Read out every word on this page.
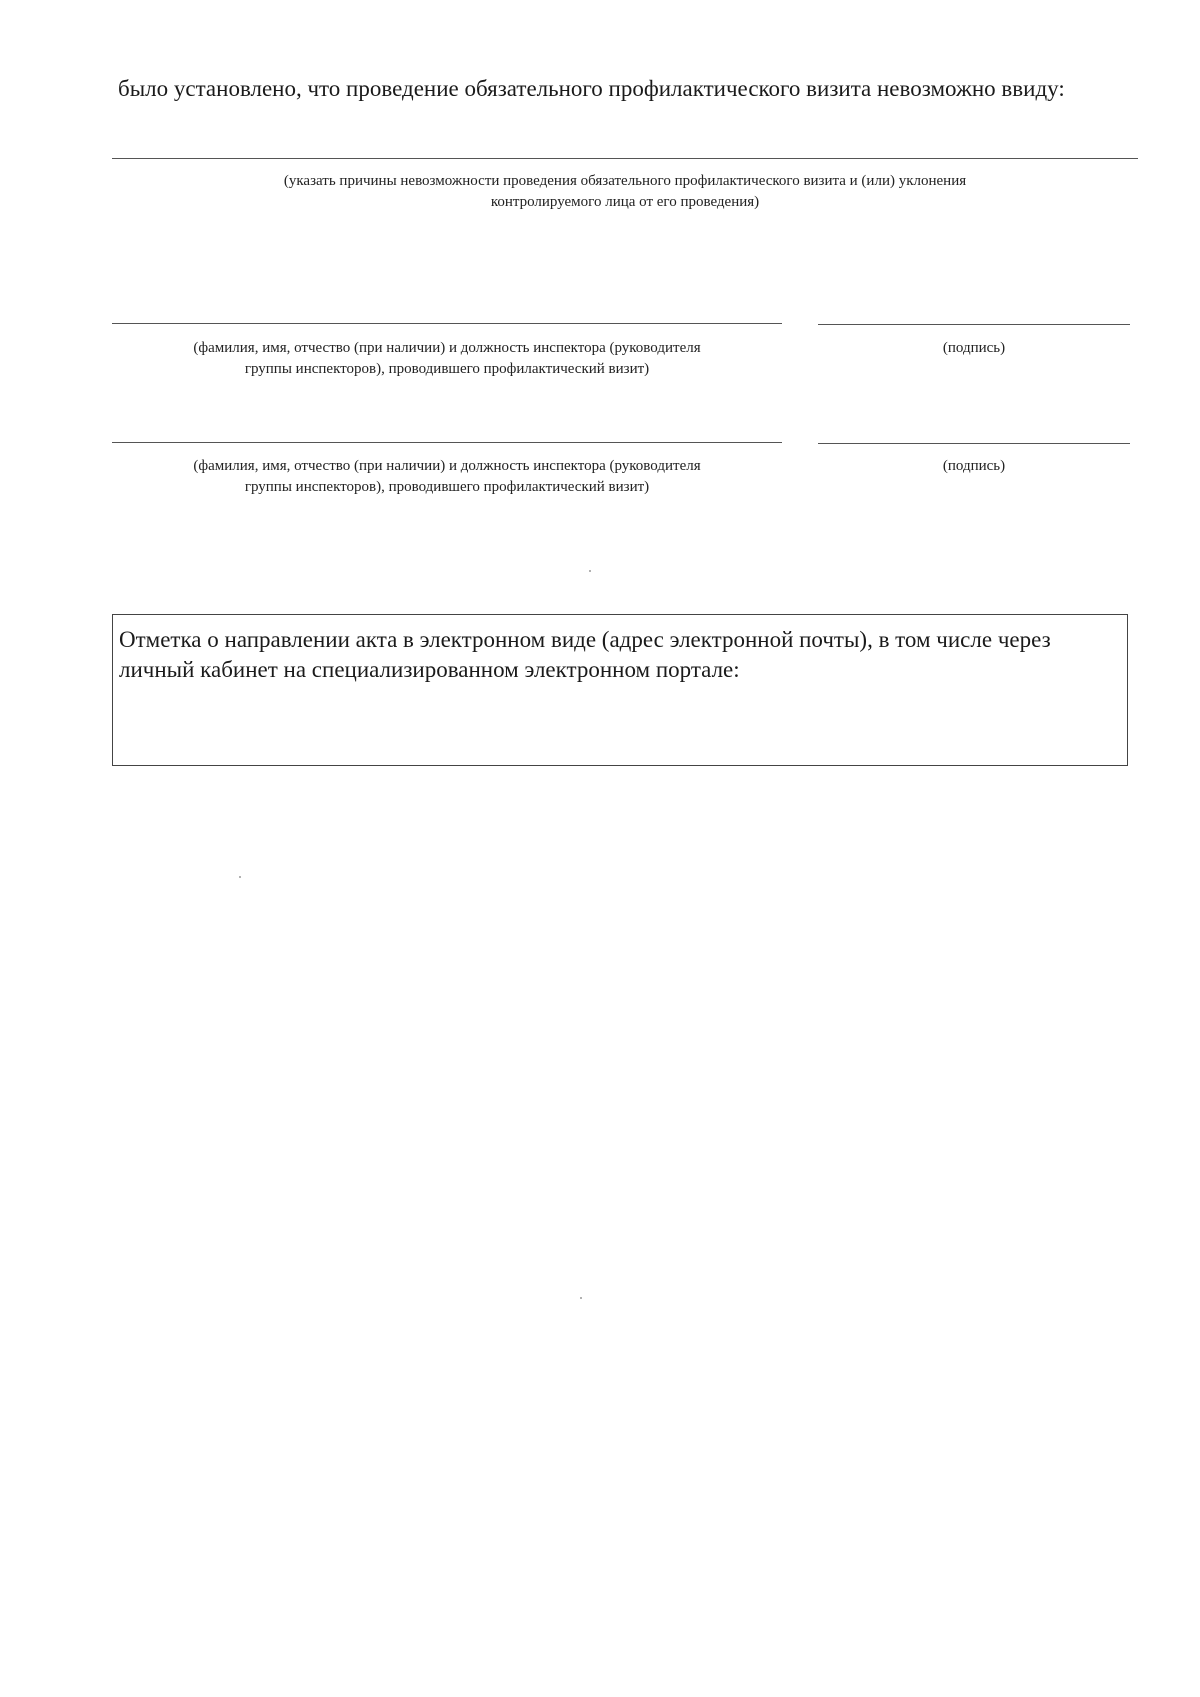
было установлено, что проведение обязательного профилактического визита невозможно ввиду:
(указать причины невозможности проведения обязательного профилактического визита и (или) уклонения
контролируемого лица от его проведения)
(фамилия, имя, отчество (при наличии) и должность инспектора (руководителя
группы инспекторов), проводившего профилактический визит)
(подпись)
(фамилия, имя, отчество (при наличии) и должность инспектора (руководителя
группы инспекторов), проводившего профилактический визит)
(подпись)
Отметка о направлении акта в электронном виде (адрес электронной почты), в том числе через
личный кабинет на специализированном электронном портале:
